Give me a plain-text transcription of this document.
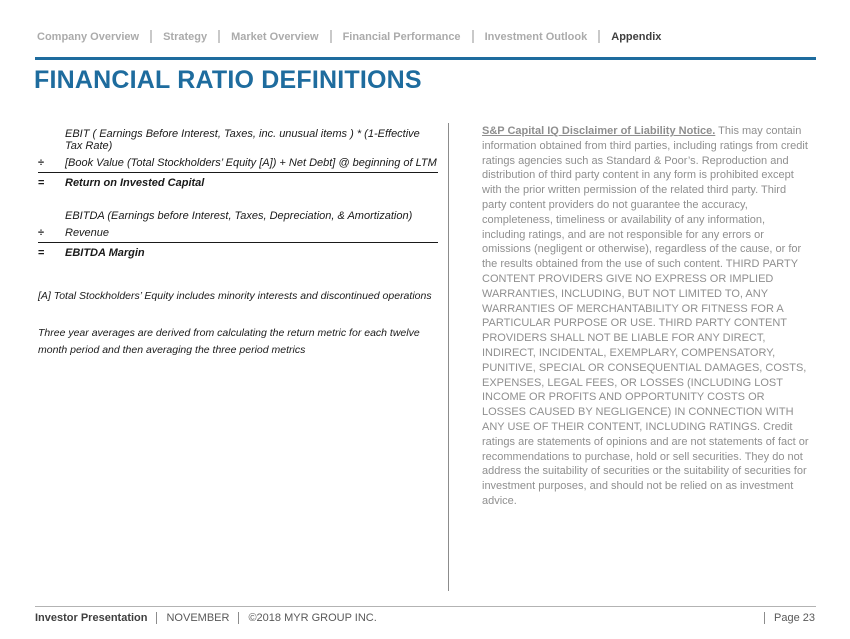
Company Overview Strategy Market Overview Financial Performance Investment Outlook Appendix
FINANCIAL RATIO DEFINITIONS
EBIT ( Earnings Before Interest, Taxes, inc. unusual items ) * (1-Effective Tax Rate)
÷	[Book Value (Total Stockholders’ Equity [A]) + Net Debt] @ beginning of LTM
=	Return on Invested Capital
EBITDA (Earnings before Interest, Taxes, Depreciation, & Amortization)
÷	Revenue
=	EBITDA Margin

[A] Total Stockholders’ Equity includes minority interests and discontinued operations

Three year averages are derived from calculating the return metric for each twelve month period and then averaging the three period metrics

S&P Capital IQ Disclaimer of Liability Notice. This may contain information obtained from third parties, including ratings from credit ratings agencies such as Standard & Poor’s. Reproduction and distribution of third party content in any form is prohibited except with the prior written permission of the related third party. Third party content providers do not guarantee the accuracy, completeness, timeliness or availability of any information, including ratings, and are not responsible for any errors or omissions (negligent or otherwise), regardless of the cause, or for the results obtained from the use of such content. THIRD PARTY CONTENT PROVIDERS GIVE NO EXPRESS OR IMPLIED WARRANTIES, INCLUDING, BUT NOT LIMITED TO, ANY WARRANTIES OF MERCHANTABILITY OR FITNESS FOR A PARTICULAR PURPOSE OR USE. THIRD PARTY CONTENT PROVIDERS SHALL NOT BE LIABLE FOR ANY DIRECT, INDIRECT, INCIDENTAL, EXEMPLARY, COMPENSATORY, PUNITIVE, SPECIAL OR CONSEQUENTIAL DAMAGES, COSTS, EXPENSES, LEGAL FEES, OR LOSSES (INCLUDING LOST INCOME OR PROFITS AND OPPORTUNITY COSTS OR LOSSES CAUSED BY NEGLIGENCE) IN CONNECTION WITH ANY USE OF THEIR CONTENT, INCLUDING RATINGS. Credit ratings are statements of opinions and are not statements of fact or recommendations to purchase, hold or sell securities. They do not address the suitability of securities or the suitability of securities for investment purposes, and should not be relied on as investment advice.

Investor Presentation NOVEMBER ©2018 MYR GROUP INC.	Page 23
